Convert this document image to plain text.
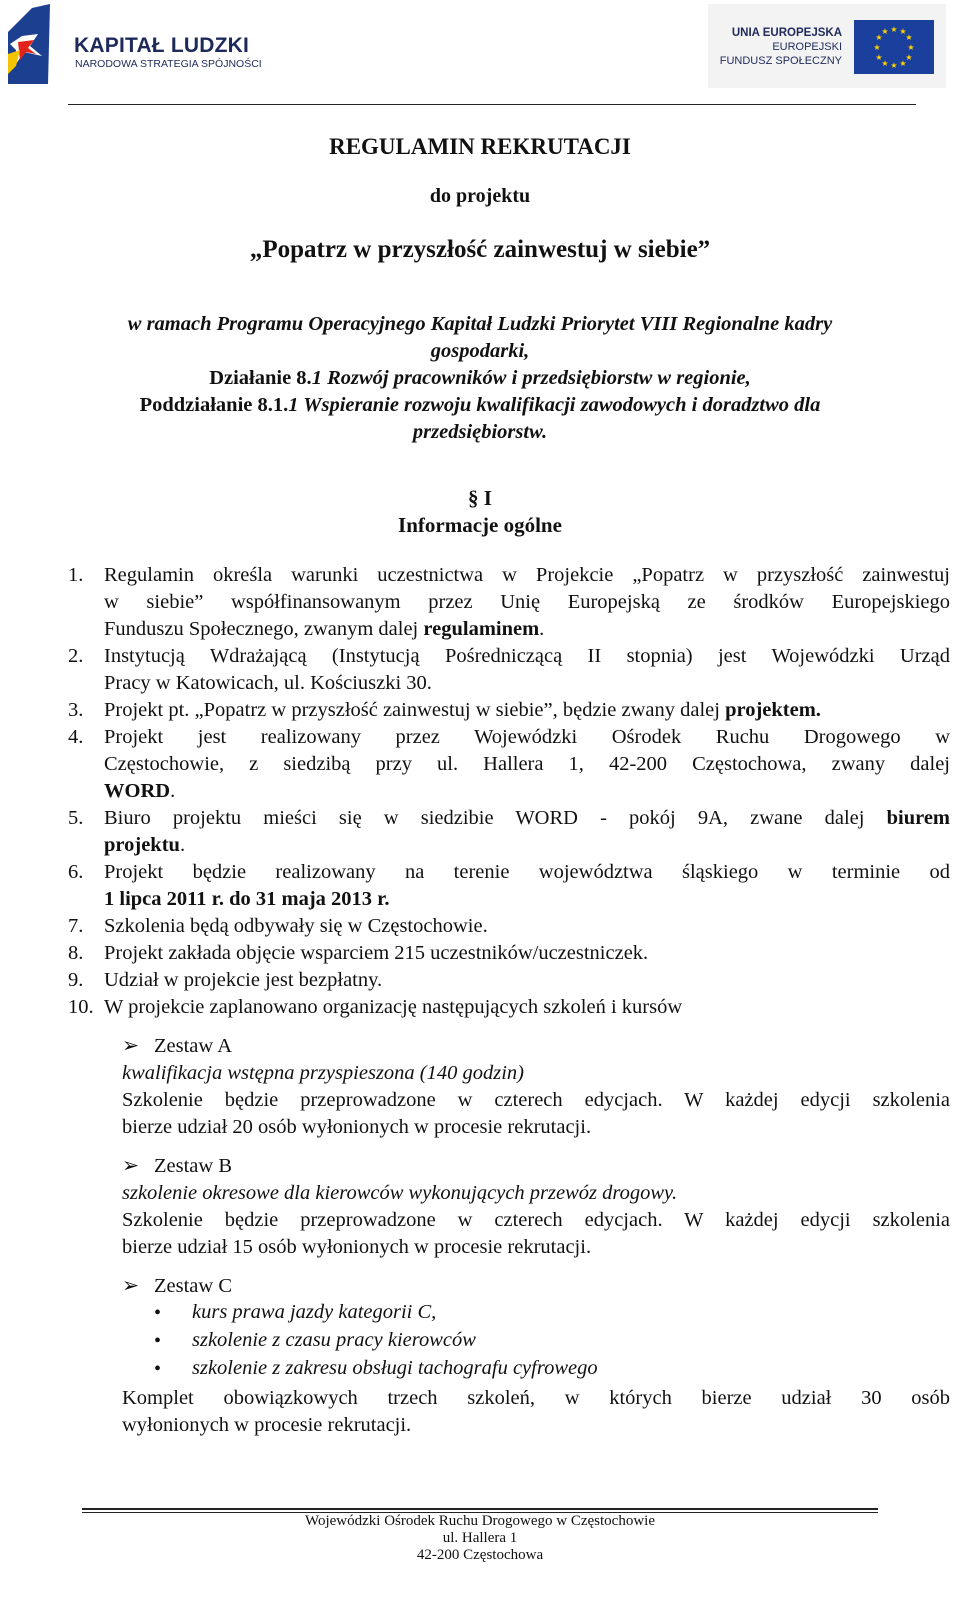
KAPITAŁ LUDZKI
NARODOWA STRATEGIA SPÓJNOŚCI
UNIA EUROPEJSKA
EUROPEJSKI
FUNDUSZ SPOŁECZNY
★ ★
★
★
★
★
★
★
★
★
★
★
REGULAMIN REKRUTACJI
do projektu
„Popatrz w przyszłość zainwestuj w siebie”
w ramach Programu Operacyjnego Kapitał Ludzki Priorytet VIII Regionalne kadry
gospodarki,
Działanie 8.1 Rozwój pracowników i przedsiębiorstw w regionie,
Poddziałanie 8.1.1 Wspieranie rozwoju kwalifikacji zawodowych i doradztwo dla
przedsiębiorstw.
§ I
Informacje ogólne
1. Regulamin określa warunki uczestnictwa w Projekcie „Popatrz w przyszłość zainwestuj
w siebie” współfinansowanym przez Unię Europejską ze środków Europejskiego
Funduszu Społecznego, zwanym dalej regulaminem.
2. Instytucją Wdrażającą (Instytucją Pośredniczącą II stopnia) jest Wojewódzki Urząd
Pracy w Katowicach, ul. Kościuszki 30.
3. Projekt pt. „Popatrz w przyszłość zainwestuj w siebie”, będzie zwany dalej projektem.
4. Projekt jest realizowany przez Wojewódzki Ośrodek Ruchu Drogowego w
Częstochowie, z siedzibą przy ul. Hallera 1, 42-200 Częstochowa, zwany dalej
WORD.
5. Biuro projektu mieści się w siedzibie WORD - pokój 9A, zwane dalej biurem
projektu.
6. Projekt będzie realizowany na terenie województwa śląskiego w terminie od
1 lipca 2011 r. do 31 maja 2013 r.
7. Szkolenia będą odbywały się w Częstochowie.
8. Projekt zakłada objęcie wsparciem 215 uczestników/uczestniczek.
9. Udział w projekcie jest bezpłatny.
10. W projekcie zaplanowano organizację następujących szkoleń i kursów
➢ Zestaw A
kwalifikacja wstępna przyspieszona (140 godzin)
Szkolenie będzie przeprowadzone w czterech edycjach. W każdej edycji szkolenia
bierze udział 20 osób wyłonionych w procesie rekrutacji.
➢ Zestaw B
szkolenie okresowe dla kierowców wykonujących przewóz drogowy.
Szkolenie będzie przeprowadzone w czterech edycjach. W każdej edycji szkolenia
bierze udział 15 osób wyłonionych w procesie rekrutacji.
➢ Zestaw C
• kurs prawa jazdy kategorii C,
• szkolenie z czasu pracy kierowców
• szkolenie z zakresu obsługi tachografu cyfrowego
Komplet obowiązkowych trzech szkoleń, w których bierze udział 30 osób
wyłonionych w procesie rekrutacji.
Wojewódzki Ośrodek Ruchu Drogowego w Częstochowie
ul. Hallera 1
42-200 Częstochowa
